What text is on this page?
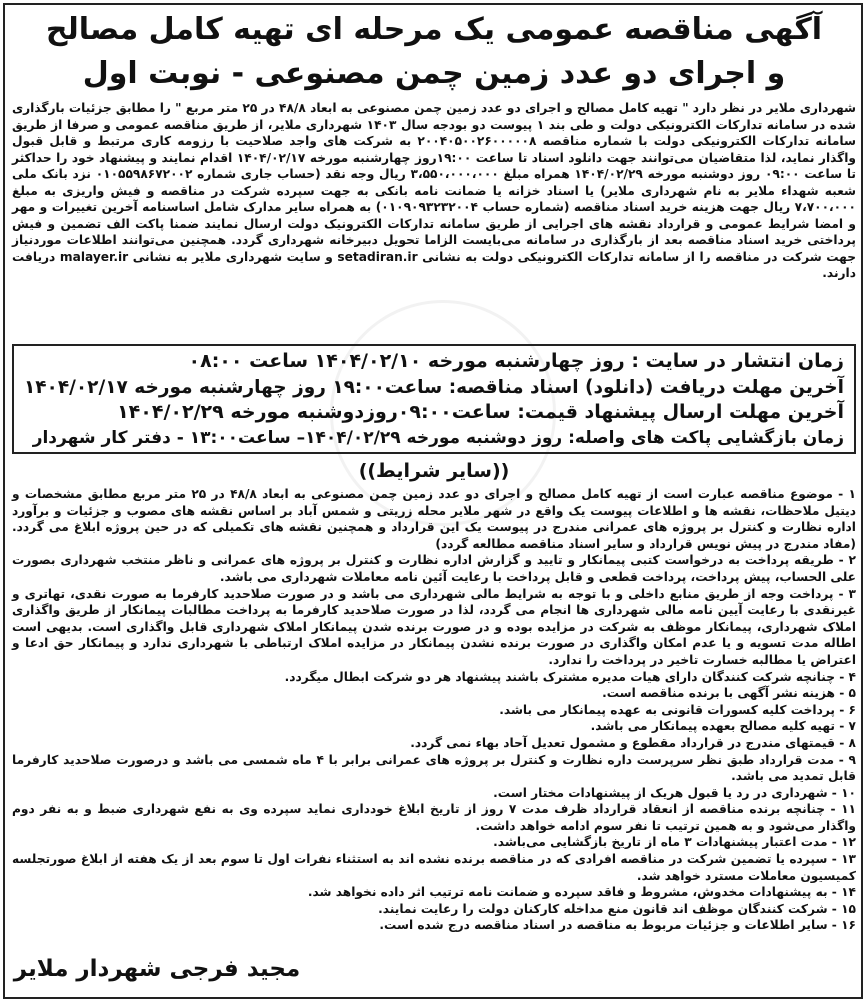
آگهی مناقصه عمومی یک مرحله ای تهیه کامل مصالح
و اجرای دو عدد زمین چمن مصنوعی - نوبت اول

شهرداری ملایر در نظر دارد " تهیه کامل مصالح و اجرای دو عدد زمین چمن مصنوعی به ابعاد ۴۸/۸ در ۲۵ متر مربع " را مطابق جزئیات بارگذاری شده در سامانه تدارکات الکترونیکی دولت و طی بند ۱ پیوست دو بودجه سال ۱۴۰۳ شهرداری ملایر، از طریق مناقصه عمومی و صرفا از طریق سامانه تدارکات الکترونیکی دولت با شماره مناقصه ۲۰۰۴۰۵۰۰۲۶۰۰۰۰۰۸ به شرکت های واجد صلاحیت با رزومه کاری مرتبط و قابل قبول واگذار نماید، لذا متقاضیان می‌توانند جهت دانلود اسناد تا ساعت ۱۹:۰۰روز چهارشنبه مورخه ۱۴۰۴/۰۲/۱۷ اقدام نمایند و پیشنهاد خود را حداکثر تا ساعت ۰۹:۰۰ روز دوشنبه مورخه ۱۴۰۴/۰۲/۲۹ همراه مبلغ ۳،۵۵۰،۰۰۰،۰۰۰ ریال وجه نقد (حساب جاری شماره ۰۱۰۵۵۹۸۶۷۲۰۰۲ نزد بانک ملی شعبه شهداء ملایر به نام شهرداری ملایر) یا اسناد خزانه یا ضمانت نامه بانکی به جهت سپرده شرکت در مناقصه و فیش واریزی به مبلغ ۷،۷۰۰،۰۰۰ ریال جهت هزینه خرید اسناد مناقصه (شماره حساب ۰۱۰۹۰۹۳۲۳۲۰۰۴) به همراه سایر مدارک شامل اساسنامه آخرین تغییرات و مهر و امضا شرایط عمومی و قرارداد نقشه های اجرایی از طریق سامانه تدارکات الکترونیک دولت ارسال نمایند ضمنا پاکت الف تضمین و فیش پرداختی خرید اسناد مناقصه بعد از بارگذاری در سامانه می‌بایست الزاما تحویل دبیرخانه شهرداری گردد. همچنین می‌توانند اطلاعات موردنیاز جهت شرکت در مناقصه را از سامانه تدارکات الکترونیکی دولت به نشانی setadiran.ir و سایت شهرداری ملایر به نشانی malayer.ir دریافت دارند.

زمان انتشار در سایت : روز چهارشنبه مورخه ۱۴۰۴/۰۲/۱۰ ساعت ۰۸:۰۰

آخرین مهلت دریافت (دانلود) اسناد مناقصه: ساعت۱۹:۰۰ روز چهارشنبه مورخه ۱۴۰۴/۰۲/۱۷

آخرین مهلت ارسال پیشنهاد قیمت: ساعت۰۹:۰۰روزدوشنبه مورخه ۱۴۰۴/۰۲/۲۹

زمان بازگشایی پاکت های واصله: روز دوشنبه مورخه ۱۴۰۴/۰۲/۲۹– ساعت۱۳:۰۰ - دفتر کار شهردار

((سایر شرایط))
۱ - موضوع مناقصه عبارت است از تهیه کامل مصالح و اجرای دو عدد زمین چمن مصنوعی به ابعاد ۴۸/۸ در ۲۵ متر مربع مطابق مشخصات و دیتیل ملاحظات، نقشه ها و اطلاعات پیوست یک واقع در شهر ملایر محله زریتی و شمس آباد بر اساس نقشه های مصوب و جزئیات و برآورد اداره نظارت و کنترل بر پروژه های عمرانی مندرج در پیوست یک این قرارداد و همچنین نقشه های تکمیلی که در حین پروژه ابلاغ می گردد. (مفاد مندرج در پیش نویس قرارداد و سایر اسناد مناقصه مطالعه گردد)
۲ - طریقه پرداخت به درخواست کتبی پیمانکار و تایید و گزارش اداره نظارت و کنترل بر پروژه های عمرانی و ناظر منتخب شهرداری بصورت علی الحساب، پیش پرداخت، پرداخت قطعی و قابل پرداخت با رعایت آئین نامه معاملات شهرداری می باشد.
۳ - پرداخت وجه از طریق منابع داخلی و با توجه به شرایط مالی شهرداری می باشد و در صورت صلاحدید کارفرما به صورت نقدی، تهاتری و غیرنقدی با رعایت آیین نامه مالی شهرداری ها انجام می گردد، لذا در صورت صلاحدید کارفرما به پرداخت مطالبات پیمانکار از طریق واگذاری املاک شهرداری، پیمانکار موظف به شرکت در مزایده بوده و در صورت برنده شدن پیمانکار املاک شهرداری قابل واگذاری است. بدیهی است اطاله مدت تسویه و یا عدم امکان واگذاری در صورت برنده نشدن پیمانکار در مزایده املاک ارتباطی با شهرداری ندارد و پیمانکار حق ادعا و اعتراض یا مطالبه خسارت تاخیر در پرداخت را ندارد.
۴ - چنانچه شرکت کنندگان دارای هیات مدیره مشترک باشند پیشنهاد هر دو شرکت ابطال میگردد.
۵ - هزینه نشر آگهی با برنده مناقصه است.
۶ - پرداخت کلیه کسورات قانونی به عهده پیمانکار می باشد.
۷ - تهیه کلیه مصالح بعهده پیمانکار می باشد.
۸ - قیمتهای مندرج در قرارداد مقطوع و مشمول تعدیل آحاد بهاء نمی گردد.
۹ - مدت قرارداد طبق نظر سرپرست داره نظارت و کنترل بر پروژه های عمرانی برابر با ۴ ماه شمسی می باشد و درصورت صلاحدید کارفرما قابل تمدید می باشد.
۱۰ - شهرداری در رد یا قبول هریک از پیشنهادات مختار است.
۱۱ - چنانچه برنده مناقصه از انعقاد قرارداد ظرف مدت ۷ روز از تاریخ ابلاغ خودداری نماید سپرده وی به نفع شهرداری ضبط و به نفر دوم واگذار می‌شود و به همین ترتیب تا نفر سوم ادامه خواهد داشت.
۱۲ - مدت اعتبار پیشنهادات ۳ ماه از تاریخ بازگشایی می‌باشد.
۱۳ - سپرده یا تضمین شرکت در مناقصه افرادی که در مناقصه برنده نشده اند به استثناء نفرات اول تا سوم بعد از یک هفته از ابلاغ صورتجلسه کمیسیون معاملات مسترد خواهد شد.
۱۴ - به پیشنهادات مخدوش، مشروط و فاقد سپرده و ضمانت نامه ترتیب اثر داده نخواهد شد.
۱۵ - شرکت کنندگان موظف اند قانون منع مداخله کارکنان دولت را رعایت نمایند.
۱۶ - سایر اطلاعات و جزئیات مربوط به مناقصه در اسناد مناقصه درج شده است.

مجید فرجی شهردار ملایر
